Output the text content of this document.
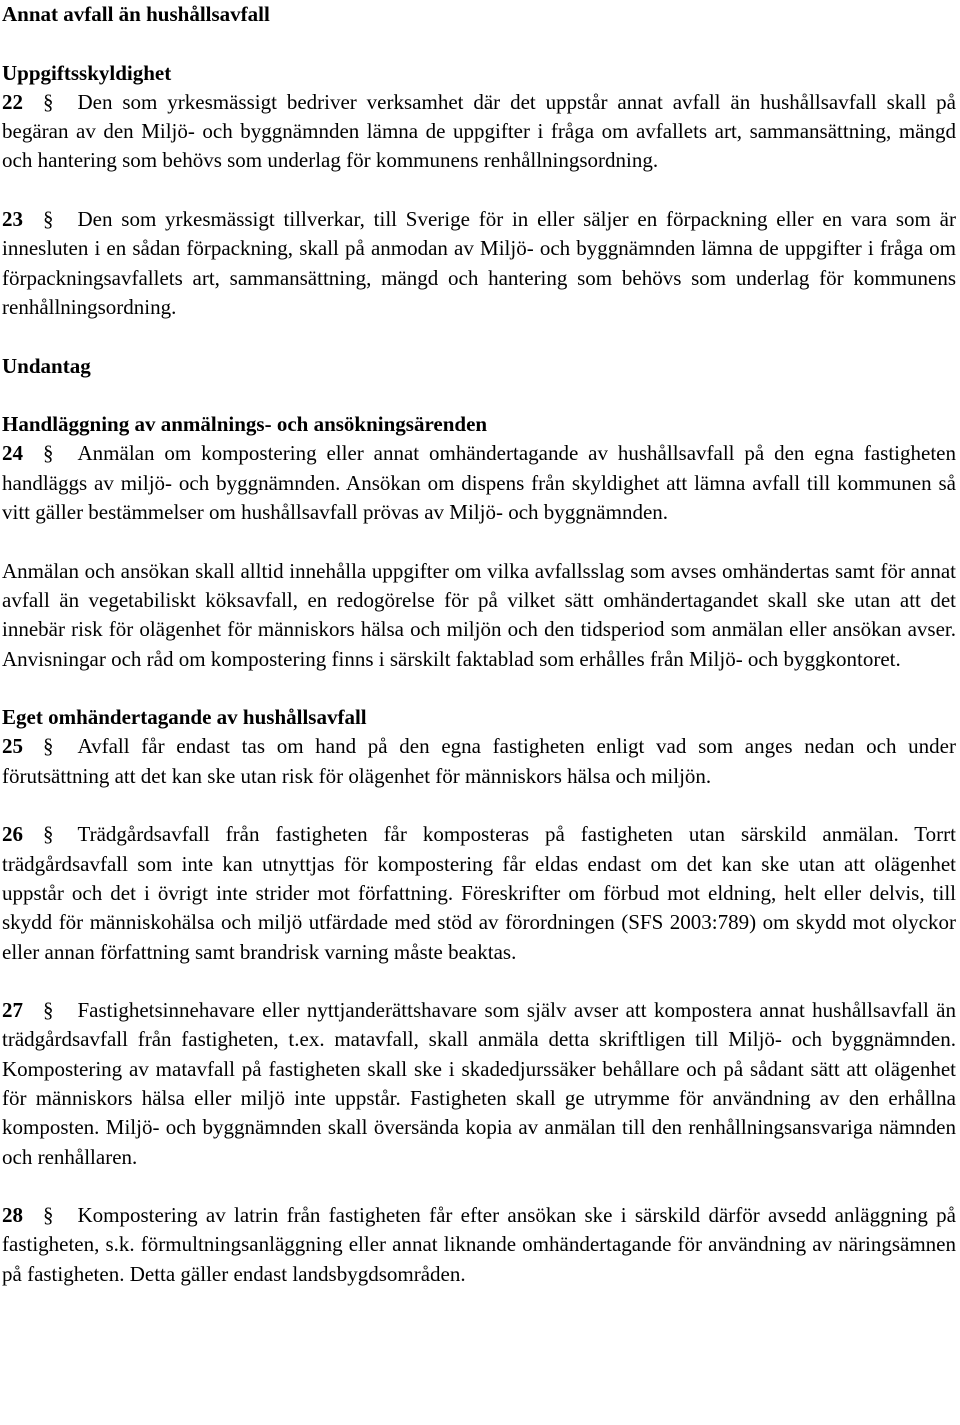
Annat avfall än hushållsavfall
Uppgiftsskyldighet
22 § Den som yrkesmässigt bedriver verksamhet där det uppstår annat avfall än hushållsavfall skall på begäran av den Miljö- och byggnämnden lämna de uppgifter i fråga om avfallets art, sammansättning, mängd och hantering som behövs som underlag för kommunens renhållningsordning.
23 § Den som yrkesmässigt tillverkar, till Sverige för in eller säljer en förpackning eller en vara som är innesluten i en sådan förpackning, skall på anmodan av Miljö- och byggnämnden lämna de uppgifter i fråga om förpackningsavfallets art, sammansättning, mängd och hantering som behövs som underlag för kommunens renhållningsordning.
Undantag
Handläggning av anmälnings- och ansökningsärenden
24 § Anmälan om kompostering eller annat omhändertagande av hushållsavfall på den egna fastigheten handläggs av miljö- och byggnämnden. Ansökan om dispens från skyldighet att lämna avfall till kommunen så vitt gäller bestämmelser om hushållsavfall prövas av Miljö- och byggnämnden.
Anmälan och ansökan skall alltid innehålla uppgifter om vilka avfallsslag som avses omhändertas samt för annat avfall än vegetabiliskt köksavfall, en redogörelse för på vilket sätt omhändertagandet skall ske utan att det innebär risk för olägenhet för människors hälsa och miljön och den tidsperiod som anmälan eller ansökan avser. Anvisningar och råd om kompostering finns i särskilt faktablad som erhålles från Miljö- och byggkontoret.
Eget omhändertagande av hushållsavfall
25 § Avfall får endast tas om hand på den egna fastigheten enligt vad som anges nedan och under förutsättning att det kan ske utan risk för olägenhet för människors hälsa och miljön.
26 § Trädgårdsavfall från fastigheten får komposteras på fastigheten utan särskild anmälan. Torrt trädgårdsavfall som inte kan utnyttjas för kompostering får eldas endast om det kan ske utan att olägenhet uppstår och det i övrigt inte strider mot författning. Föreskrifter om förbud mot eldning, helt eller delvis, till skydd för människohälsa och miljö utfärdade med stöd av förordningen (SFS 2003:789) om skydd mot olyckor eller annan författning samt brandrisk varning måste beaktas.
27 § Fastighetsinnehavare eller nyttjanderättshavare som själv avser att kompostera annat hushållsavfall än trädgårdsavfall från fastigheten, t.ex. matavfall, skall anmäla detta skriftligen till Miljö- och byggnämnden. Kompostering av matavfall på fastigheten skall ske i skadedjurssäker behållare och på sådant sätt att olägenhet för människors hälsa eller miljö inte uppstår. Fastigheten skall ge utrymme för användning av den erhållna komposten. Miljö- och byggnämnden skall översända kopia av anmälan till den renhållningsansvariga nämnden och renhållaren.
28 § Kompostering av latrin från fastigheten får efter ansökan ske i särskild därför avsedd anläggning på fastigheten, s.k. förmultningsanläggning eller annat liknande omhändertagande för användning av näringsämnen på fastigheten. Detta gäller endast landsbygdsområden.
